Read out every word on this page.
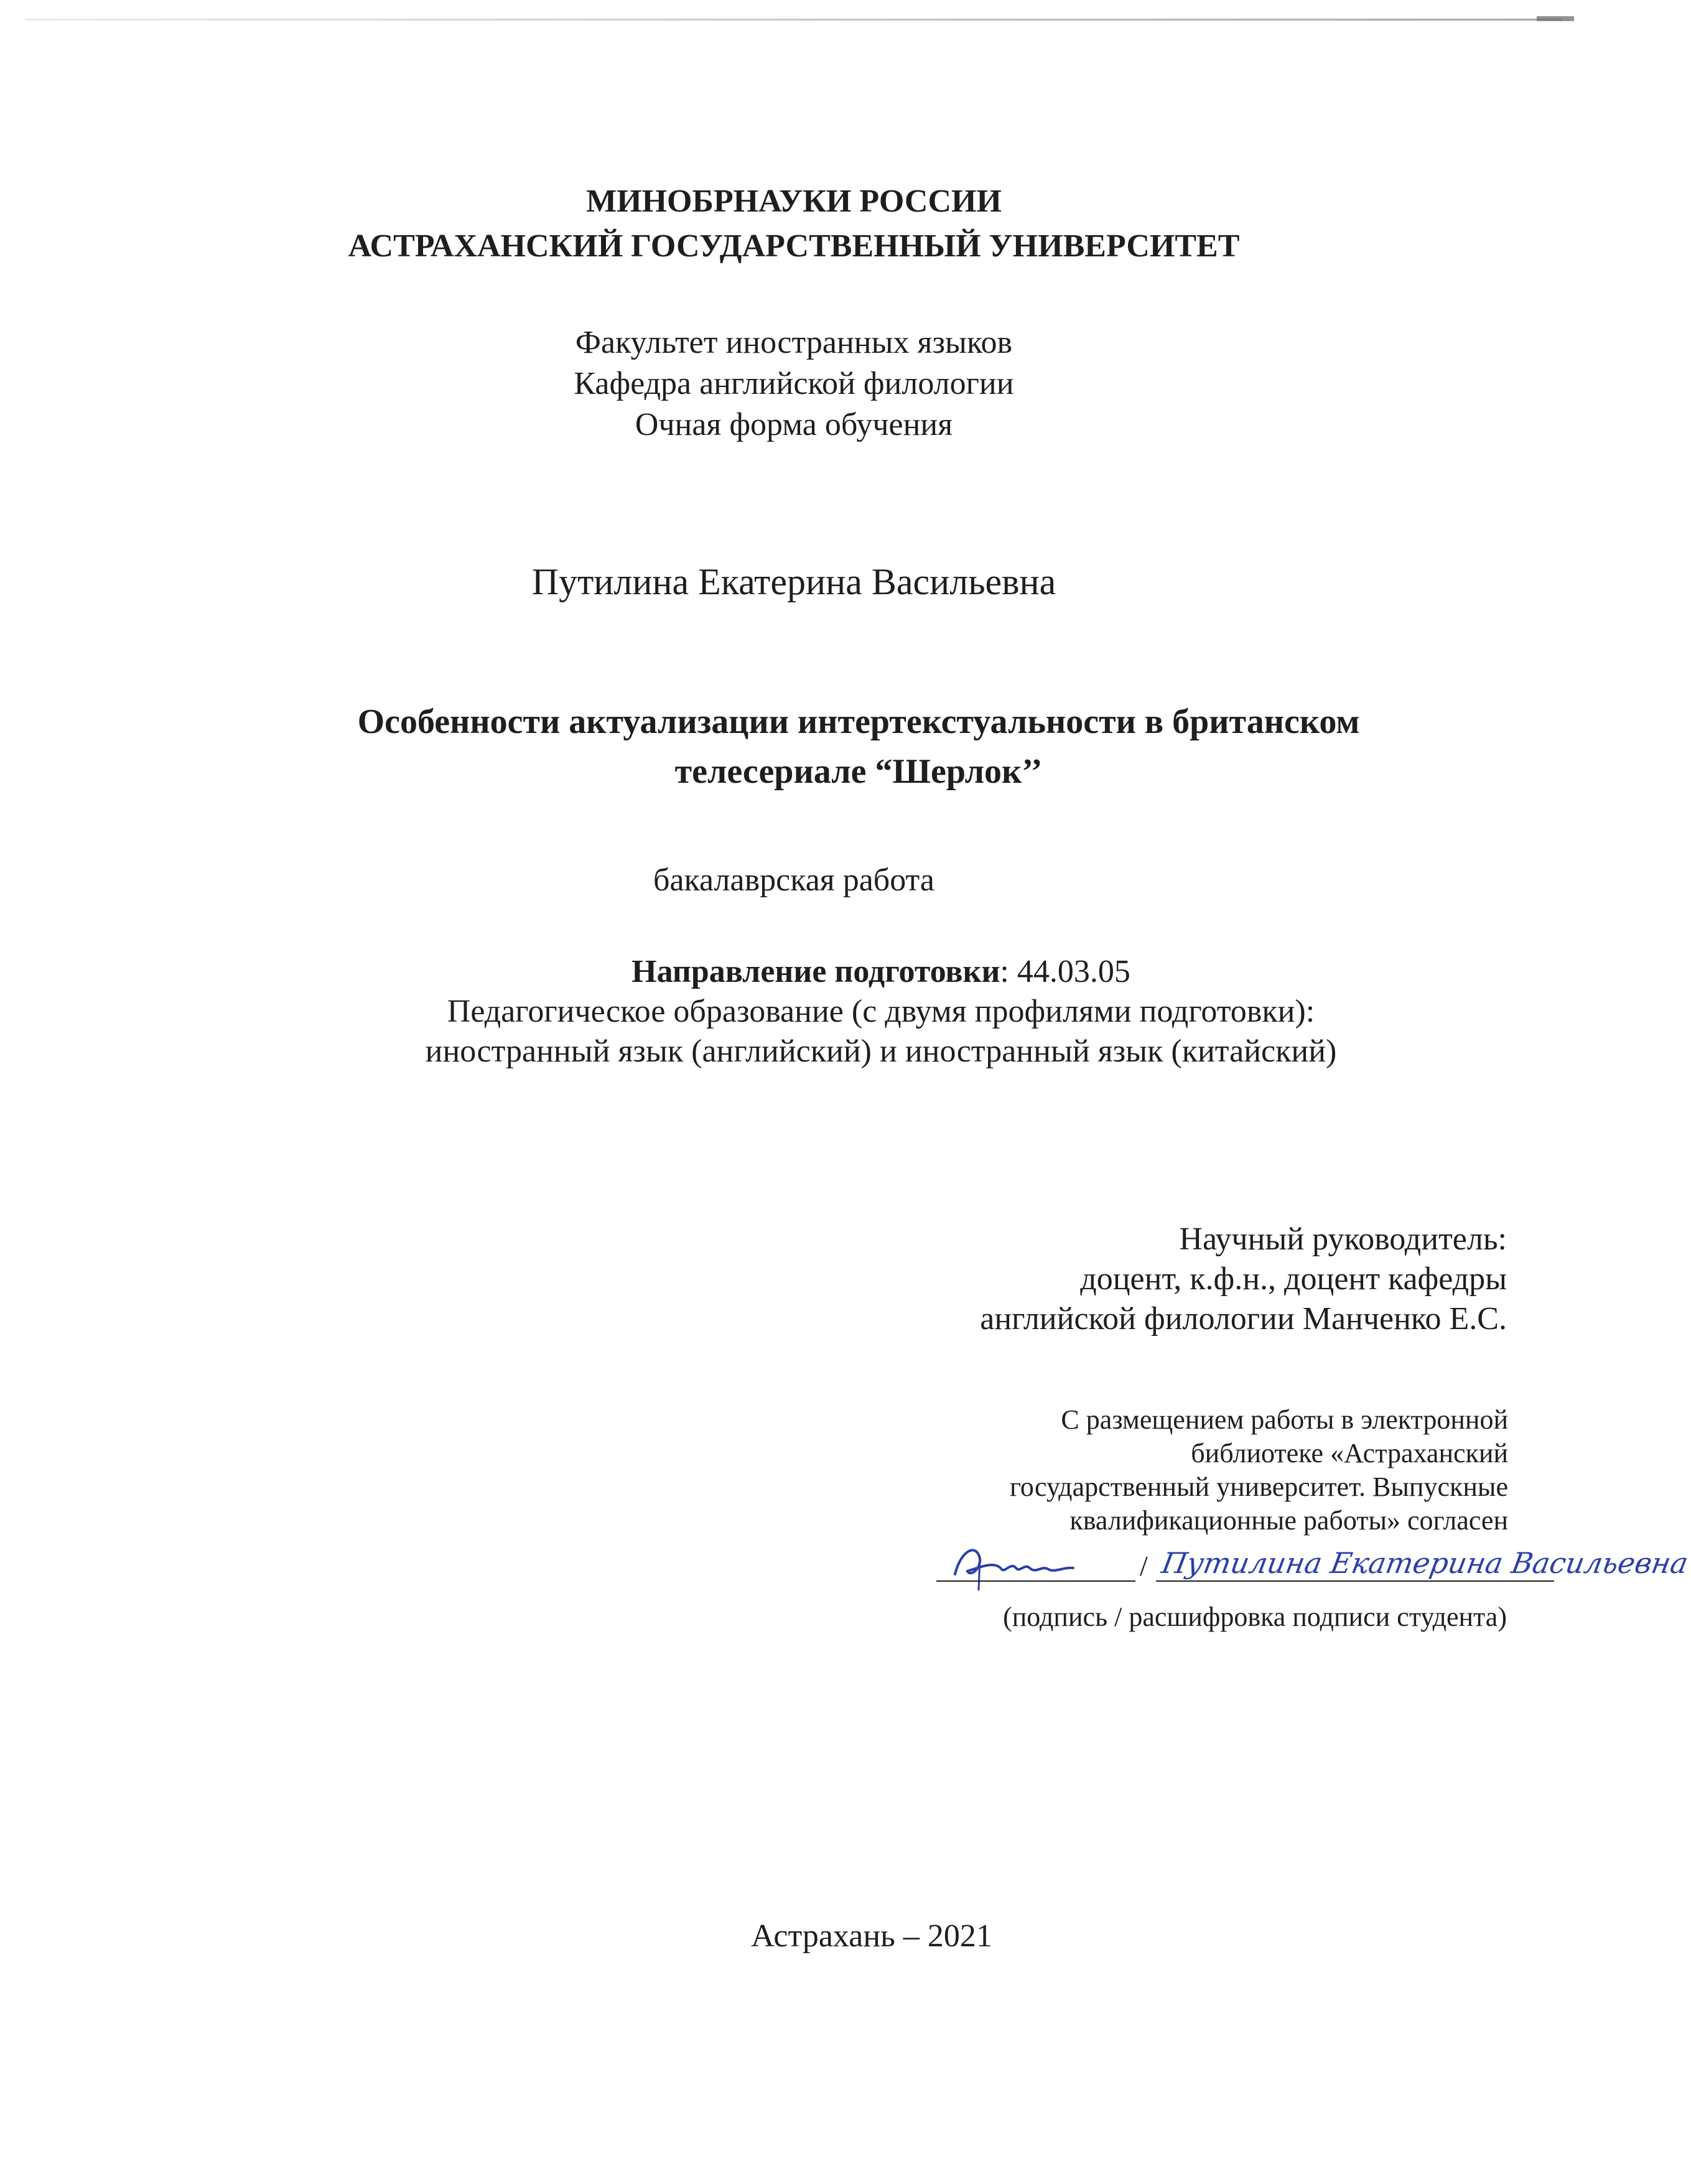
МИНОБРНАУКИ РОССИИ
АСТРАХАНСКИЙ ГОСУДАРСТВЕННЫЙ УНИВЕРСИТЕТ
Факультет иностранных языков
Кафедра английской филологии
Очная форма обучения
Путилина Екатерина Васильевна
Особенности актуализации интертекстуальности в британском
телесериале “Шерлок’’
бакалаврская работа
Направление подготовки: 44.03.05
Педагогическое образование (с двумя профилями подготовки):
иностранный язык (английский) и иностранный язык (китайский)
Научный руководитель:
доцент, к.ф.н., доцент кафедры
английской филологии Манченко Е.С.
С размещением работы в электронной
библиотеке «Астраханский
государственный университет. Выпускные
квалификационные работы» согласен
/ Путилина Екатерина Васильевна
(подпись / расшифровка подписи студента)
Астрахань – 2021
